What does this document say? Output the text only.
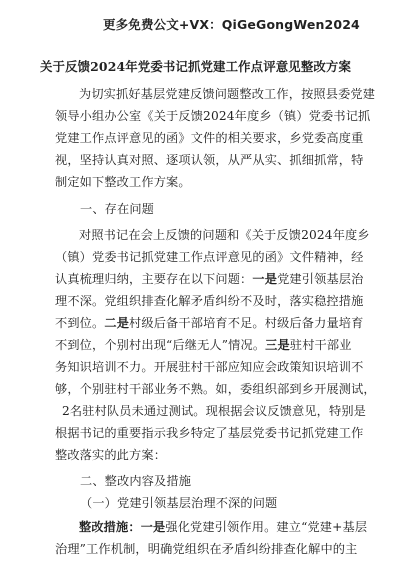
更多免费公文+VX：QiGeGongWen2024
关于反馈2024年党委书记抓党建工作点评意见整改方案
为切实抓好基层党建反馈问题整改工作，按照县委党建
领导小组办公室《关于反馈2024年度乡（镇）党委书记抓
党建工作点评意见的函》文件的相关要求，乡党委高度重
视，坚持认真对照、逐项认领，从严从实、抓细抓常，特
制定如下整改工作方案。
一、存在问题
对照书记在会上反馈的问题和《关于反馈2024年度乡
（镇）党委书记抓党建工作点评意见的函》文件精神，经
认真梳理归纳，主要存在以下问题：一是党建引领基层治
理不深。党组织排查化解矛盾纠纷不及时，落实稳控措施
不到位。二是村级后备干部培育不足。村级后备力量培育
不到位，个别村出现“后继无人”情况。三是驻村干部业
务知识培训不力。开展驻村干部应知应会政策知识培训不
够，个别驻村干部业务不熟。如，委组织部到乡开展测试，
2名驻村队员未通过测试。现根据会议反馈意见，特别是
根据书记的重要指示我乡特定了基层党委书记抓党建工作
整改落实的此方案：
二、整改内容及措施
（一）党建引领基层治理不深的问题
整改措施：一是强化党建引领作用。建立“党建+基层
治理”工作机制，明确党组织在矛盾纠纷排查化解中的主
